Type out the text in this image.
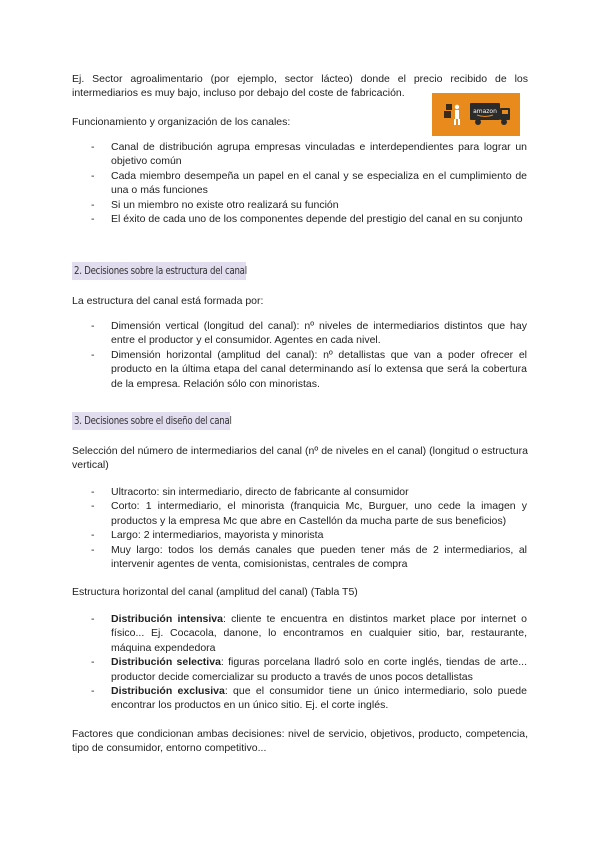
Ej. Sector agroalimentario (por ejemplo, sector lácteo) donde el precio recibido de los intermediarios es muy bajo, incluso por debajo del coste de fabricación.

Funcionamiento y organización de los canales:

amazon
- Canal de distribución agrupa empresas vinculadas e interdependientes para lograr un objetivo común
- Cada miembro desempeña un papel en el canal y se especializa en el cumplimiento de una o más funciones
- Si un miembro no existe otro realizará su función
- El éxito de cada uno de los componentes depende del prestigio del canal en su conjunto
2. Decisiones sobre la estructura del canal

La estructura del canal está formada por:

- Dimensión vertical (longitud del canal): nº niveles de intermediarios distintos que hay entre el productor y el consumidor. Agentes en cada nivel.
- Dimensión horizontal (amplitud del canal): nº detallistas que van a poder ofrecer el producto en la última etapa del canal determinando así lo extensa que será la cobertura de la empresa. Relación sólo con minoristas.
3. Decisiones sobre el diseño del canal

Selección del número de intermediarios del canal (nº de niveles en el canal) (longitud o estructura vertical)

- Ultracorto: sin intermediario, directo de fabricante al consumidor
- Corto: 1 intermediario, el minorista (franquicia Mc, Burguer, uno cede la imagen y productos y la empresa Mc que abre en Castellón da mucha parte de sus beneficios)
- Largo: 2 intermediarios, mayorista y minorista
- Muy largo: todos los demás canales que pueden tener más de 2 intermediarios, al intervenir agentes de venta, comisionistas, centrales de compra

Estructura horizontal del canal (amplitud del canal) (Tabla T5)

- Distribución intensiva: cliente te encuentra en distintos market place por internet o físico... Ej. Cocacola, danone, lo encontramos en cualquier sitio, bar, restaurante, máquina expendedora
- Distribución selectiva: figuras porcelana lladró solo en corte inglés, tiendas de arte... productor decide comercializar su producto a través de unos pocos detallistas
- Distribución exclusiva: que el consumidor tiene un único intermediario, solo puede encontrar los productos en un único sitio. Ej. el corte inglés.

Factores que condicionan ambas decisiones: nivel de servicio, objetivos, producto, competencia, tipo de consumidor, entorno competitivo...
